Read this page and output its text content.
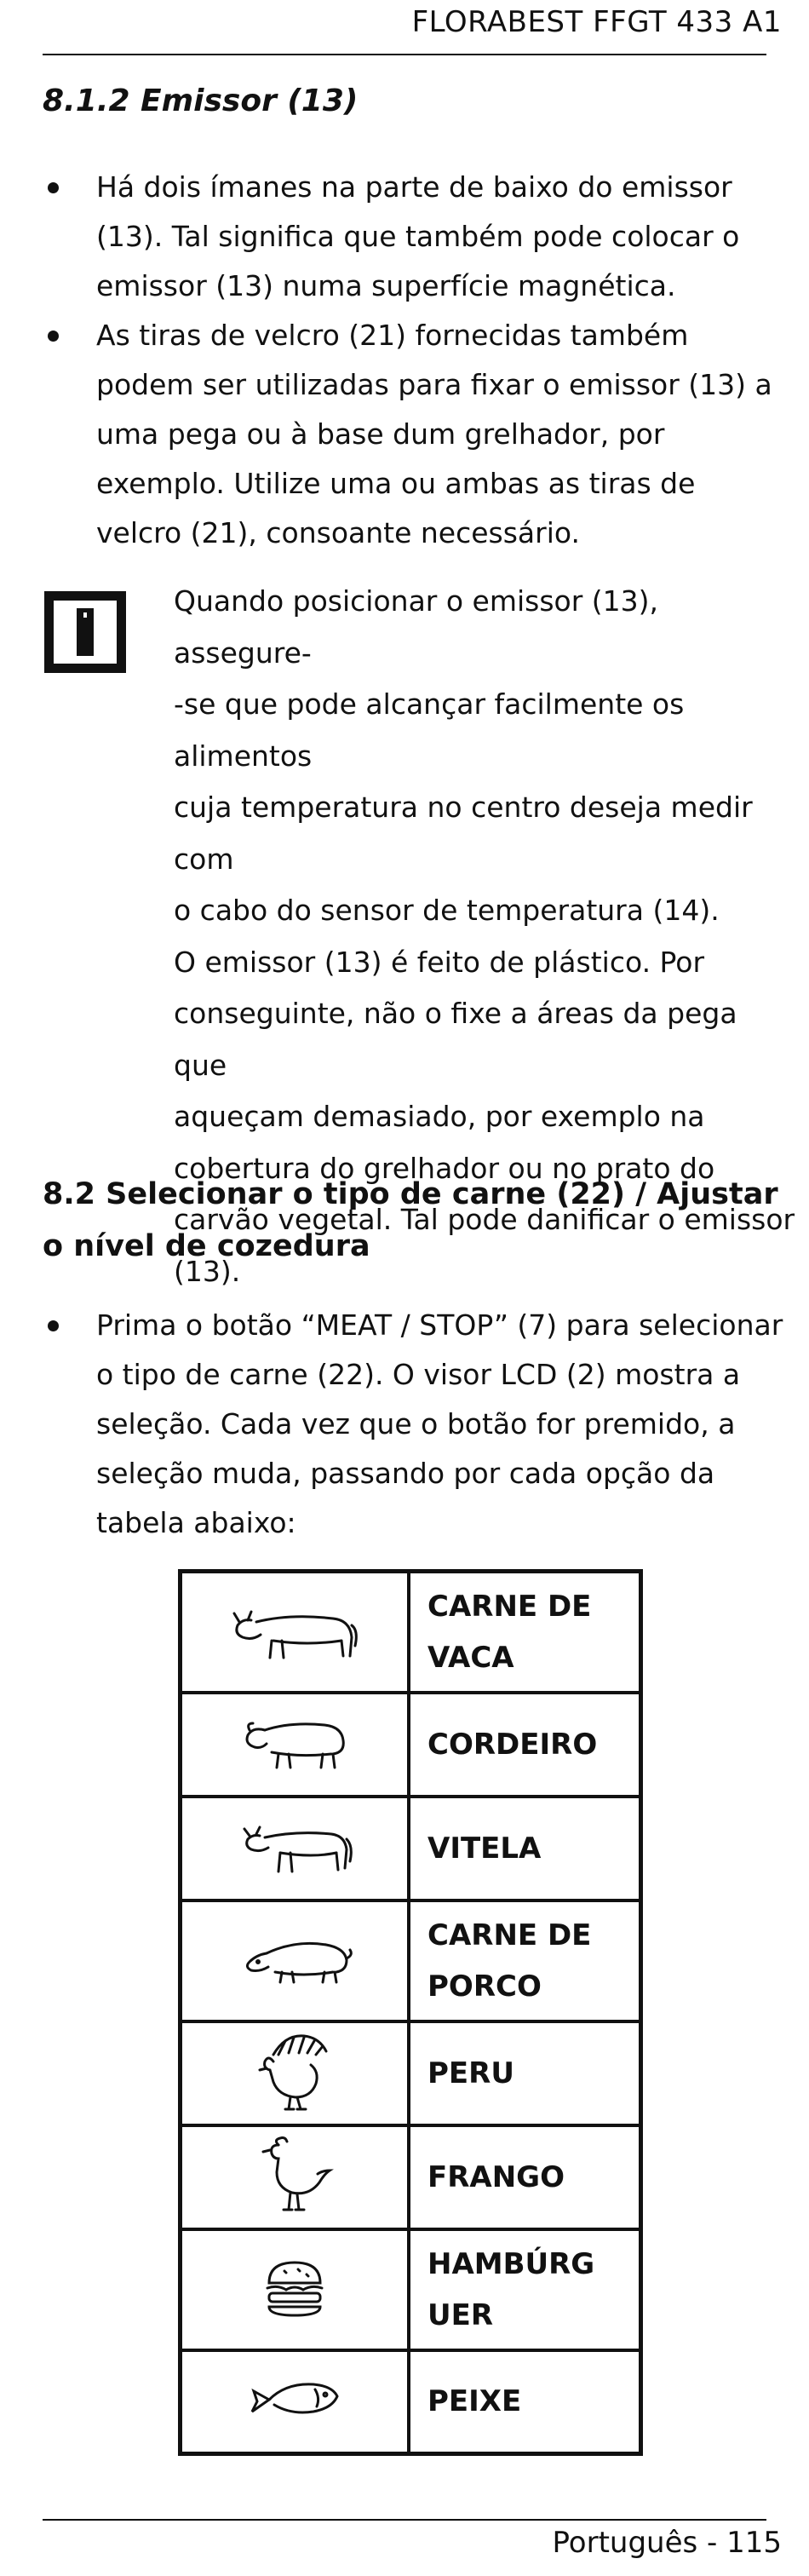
FLORABEST FFGT 433 A1
8.1.2 Emissor (13)
Há dois ímanes na parte de baixo do emissor (13). Tal significa que também pode colocar o emissor (13) numa superfície magnética.
As tiras de velcro (21) fornecidas também podem ser utilizadas para fixar o emissor (13) a uma pega ou à base dum grelhador, por exemplo. Utilize uma ou ambas as tiras de velcro (21), consoante necessário.

Quando posicionar o emissor (13), assegure-

-se que pode alcançar facilmente os alimentos

cuja temperatura no centro deseja medir com

o cabo do sensor de temperatura (14).

O emissor (13) é feito de plástico. Por

conseguinte, não o fixe a áreas da pega que

aqueçam demasiado, por exemplo na

cobertura do grelhador ou no prato do

carvão vegetal. Tal pode danificar o emissor

(13).

8.2 Selecionar o tipo de carne (22) / Ajustar o nível de cozedura
Prima o botão “MEAT / STOP” (7) para selecionar o tipo de carne (22). O visor LCD (2) mostra a seleção. Cada vez que o botão for premido, a seleção muda, passando por cada opção da tabela abaixo:

CARNE DE
VACA

CORDEIRO

VITELA

CARNE DE
PORCO

PERU

FRANGO

HAMBÚRG
UER

PEIXE
Português - 115
